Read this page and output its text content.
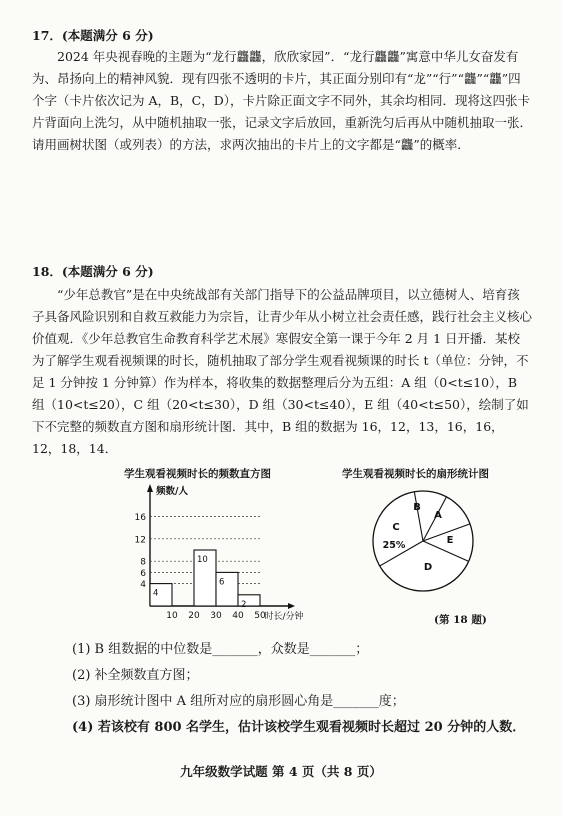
17．(本题满分 6 分)

2024 年央视春晚的主题为“龙行龘龘，欣欣家园”．“龙行龘龘”寓意中华儿女奋发有为、昂扬向上的精神风貌．现有四张不透明的卡片，其正面分别印有“龙”“行”“龘”“龘”四个字（卡片依次记为 A，B，C，D），卡片除正面文字不同外，其余均相同．现将这四张卡片背面向上洗匀，从中随机抽取一张，记录文字后放回，重新洗匀后再从中随机抽取一张．请用画树状图（或列表）的方法，求两次抽出的卡片上的文字都是“龘”的概率．

18．(本题满分 6 分)

“少年总教官”是在中央统战部有关部门指导下的公益品牌项目，以立德树人、培育孩子具备风险识别和自救互救能力为宗旨，让青少年从小树立社会责任感，践行社会主义核心价值观．《少年总教官生命教育科学艺术展》寒假安全第一课于今年 2 月 1 日开播．某校为了解学生观看视频课的时长，随机抽取了部分学生观看视频课的时长 t（单位：分钟，不足 1 分钟按 1 分钟算）作为样本，将收集的数据整理后分为五组：A 组（0<t≤10），B 组（10<t≤20），C 组（20<t≤30），D 组（30<t≤40），E 组（40<t≤50），绘制了如下不完整的频数直方图和扇形统计图．其中，B 组的数据为 16，12，13，16，16，12，18，14．

学生观看视频时长的频数直方图	学生观看视频时长的扇形统计图
4
6
8
12
16
4
10
6
2
10 20 30 40 50
频数/人
时长/分钟
B
A
E
D
C
25%
(第 18 题)
(1) B 组数据的中位数是_______，众数是_______；
(2) 补全频数直方图；
(3) 扇形统计图中 A 组所对应的扇形圆心角是_______度；
(4) 若该校有 800 名学生，估计该校学生观看视频时长超过 20 分钟的人数．
九年级数学试题 第 4 页（共 8 页）
